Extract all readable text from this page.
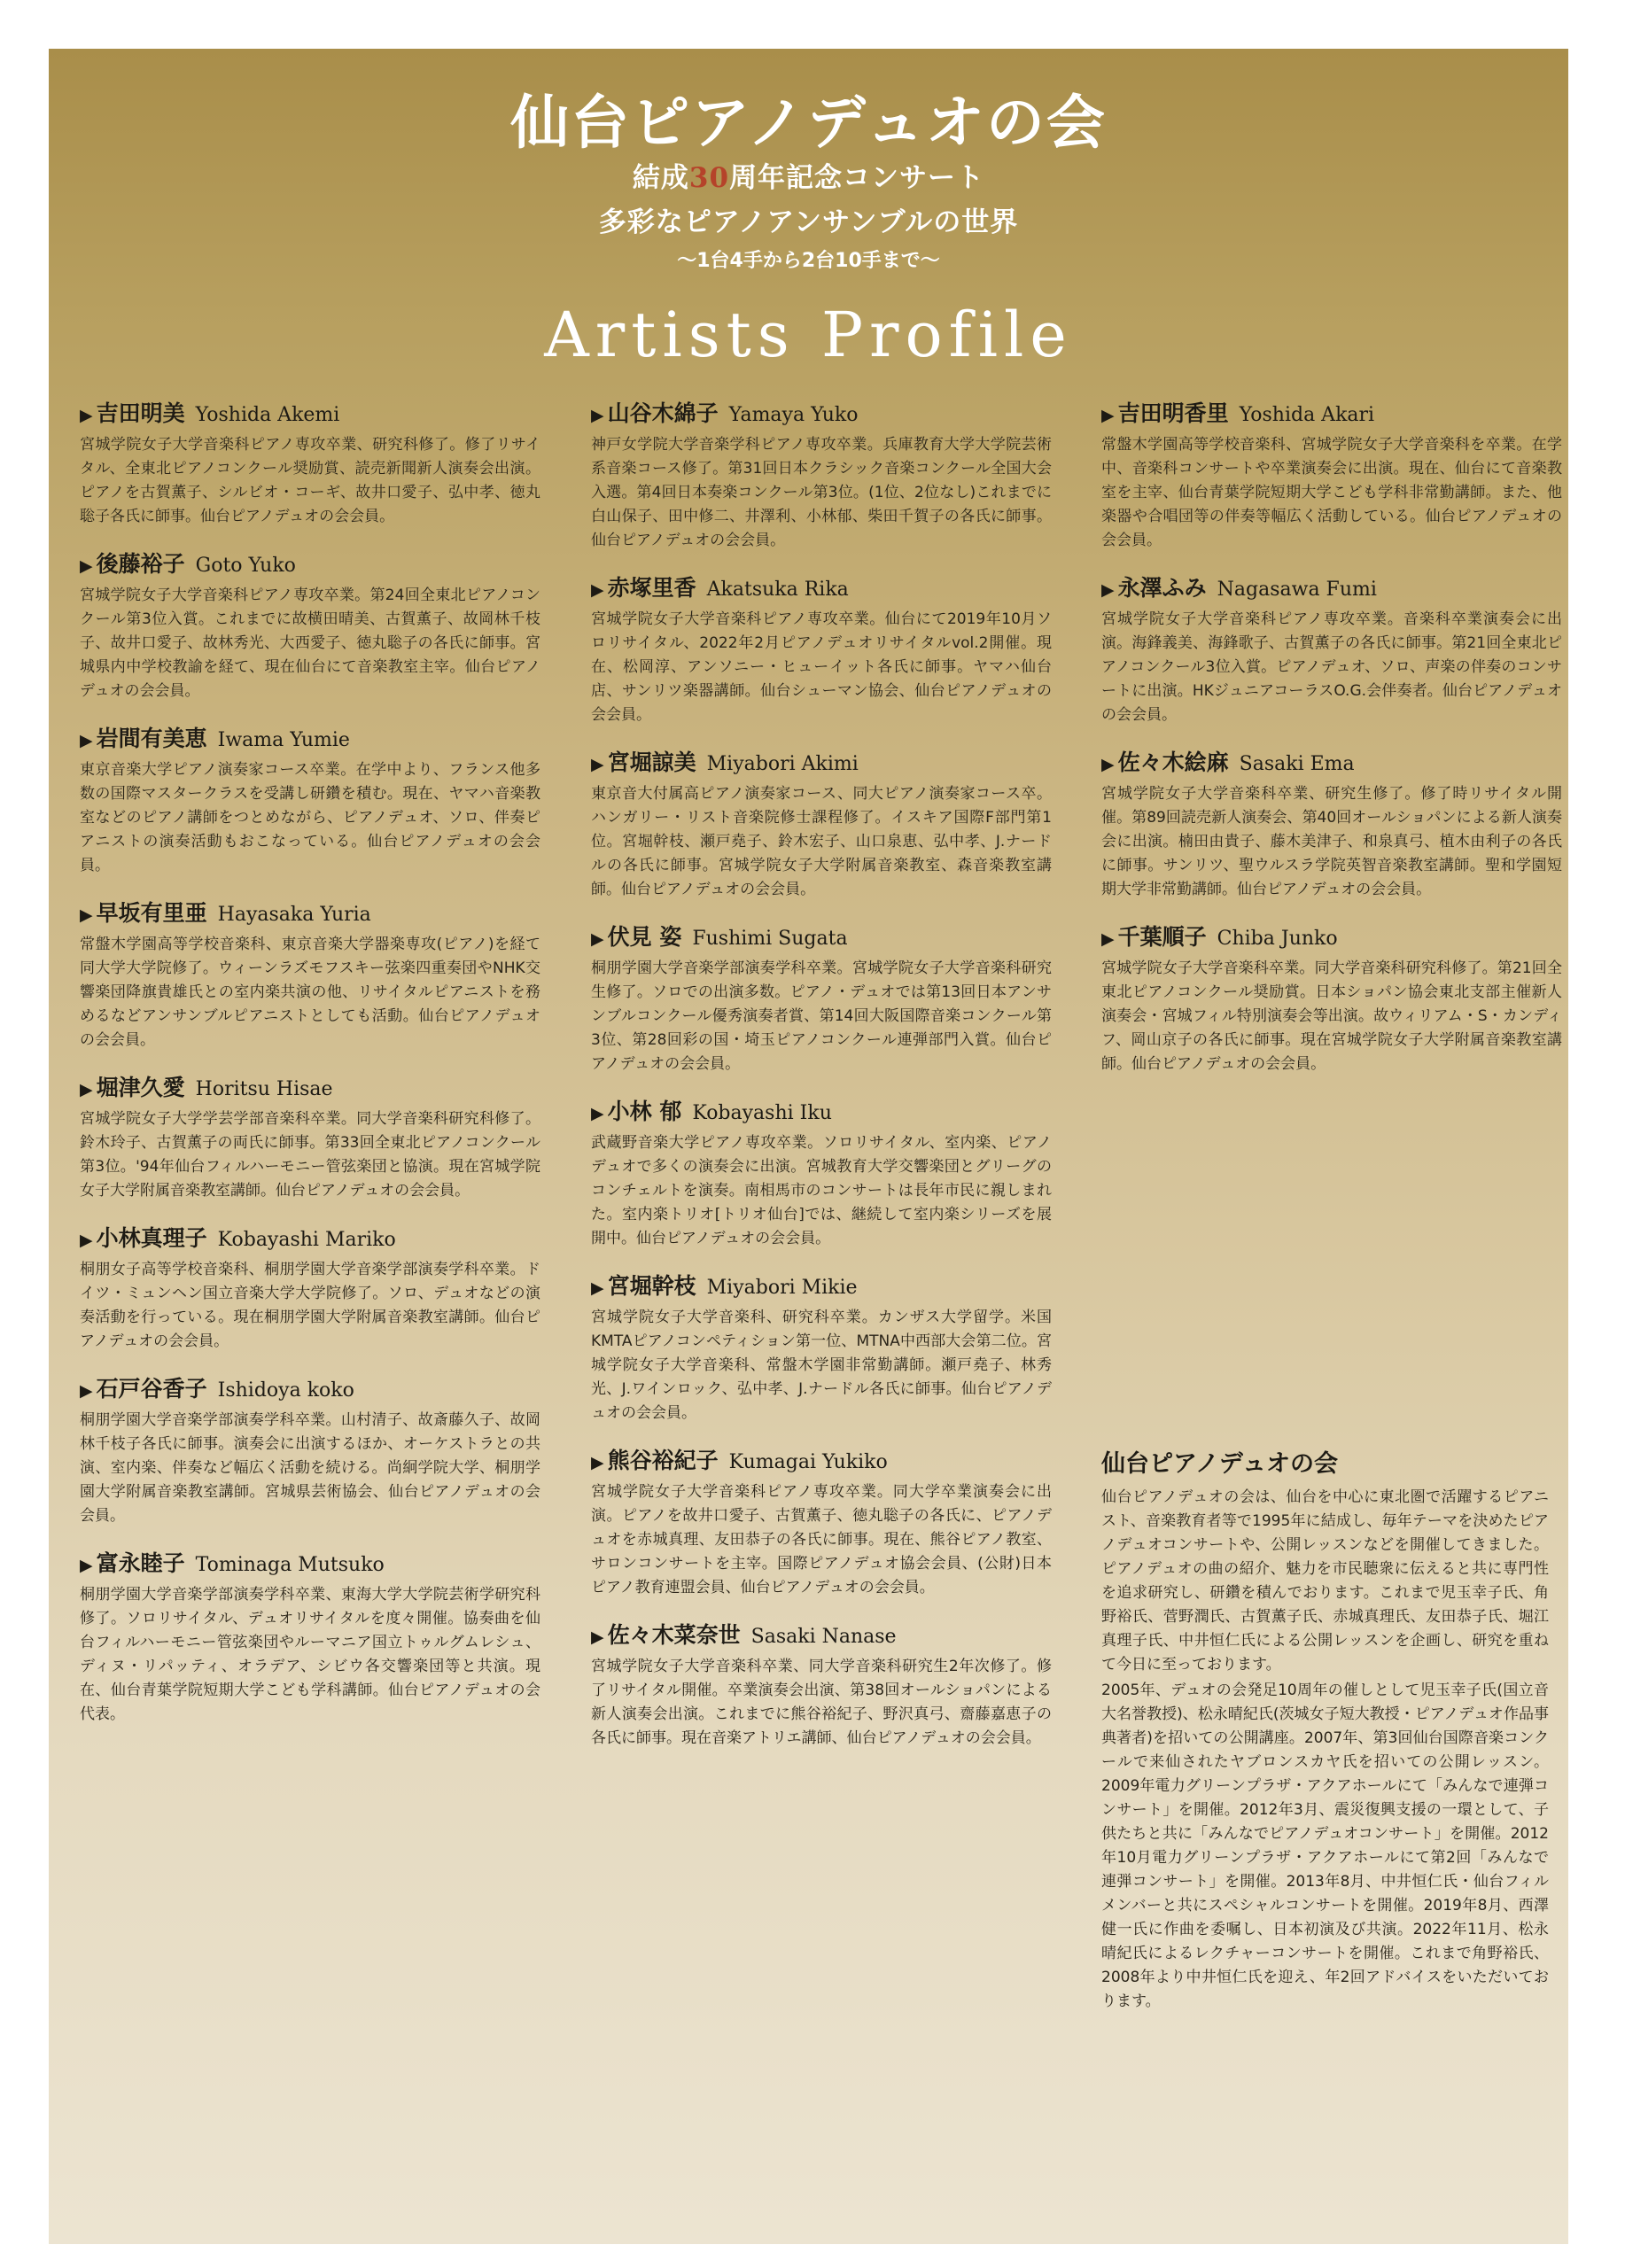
仙台ピアノデュオの会
結成30周年記念コンサート
多彩なピアノアンサンブルの世界
〜1台4手から2台10手まで〜
Artists Profile
▶ 吉田明美 Yoshida Akemi
宮城学院女子大学音楽科ピアノ専攻卒業、研究科修了。修了リサイタル、全東北ピアノコンクール奨励賞、読売新聞新人演奏会出演。ピアノを古賀薫子、シルビオ・コーギ、故井口愛子、弘中孝、徳丸聡子各氏に師事。仙台ピアノデュオの会会員。
▶ 後藤裕子 Goto Yuko
宮城学院女子大学音楽科ピアノ専攻卒業。第24回全東北ピアノコンクール第3位入賞。これまでに故横田晴美、古賀薫子、故岡林千枝子、故井口愛子、故林秀光、大西愛子、徳丸聡子の各氏に師事。宮城県内中学校教諭を経て、現在仙台にて音楽教室主宰。仙台ピアノデュオの会会員。
▶ 岩間有美恵 Iwama Yumie
東京音楽大学ピアノ演奏家コース卒業。在学中より、フランス他多数の国際マスタークラスを受講し研鑽を積む。現在、ヤマハ音楽教室などのピアノ講師をつとめながら、ピアノデュオ、ソロ、伴奏ピアニストの演奏活動もおこなっている。仙台ピアノデュオの会会員。
▶ 早坂有里亜 Hayasaka Yuria
常盤木学園高等学校音楽科、東京音楽大学器楽専攻(ピアノ)を経て同大学大学院修了。ウィーンラズモフスキー弦楽四重奏団やNHK交響楽団降旗貴雄氏との室内楽共演の他、リサイタルピアニストを務めるなどアンサンブルピアニストとしても活動。仙台ピアノデュオの会会員。
▶ 堀津久愛 Horitsu Hisae
宮城学院女子大学学芸学部音楽科卒業。同大学音楽科研究科修了。鈴木玲子、古賀薫子の両氏に師事。第33回全東北ピアノコンクール第3位。'94年仙台フィルハーモニー管弦楽団と協演。現在宮城学院女子大学附属音楽教室講師。仙台ピアノデュオの会会員。
▶ 小林真理子 Kobayashi Mariko
桐朋女子高等学校音楽科、桐朋学園大学音楽学部演奏学科卒業。ドイツ・ミュンヘン国立音楽大学大学院修了。ソロ、デュオなどの演奏活動を行っている。現在桐朋学園大学附属音楽教室講師。仙台ピアノデュオの会会員。
▶ 石戸谷香子 Ishidoya koko
桐朋学園大学音楽学部演奏学科卒業。山村清子、故斎藤久子、故岡林千枝子各氏に師事。演奏会に出演するほか、オーケストラとの共演、室内楽、伴奏など幅広く活動を続ける。尚絅学院大学、桐朋学園大学附属音楽教室講師。宮城県芸術協会、仙台ピアノデュオの会会員。
▶ 富永睦子 Tominaga Mutsuko
桐朋学園大学音楽学部演奏学科卒業、東海大学大学院芸術学研究科修了。ソロリサイタル、デュオリサイタルを度々開催。協奏曲を仙台フィルハーモニー管弦楽団やルーマニア国立トゥルグムレシュ、ディヌ・リパッティ、オラデア、シビウ各交響楽団等と共演。現在、仙台青葉学院短期大学こども学科講師。仙台ピアノデュオの会代表。
▶ 山谷木綿子 Yamaya Yuko
神戸女学院大学音楽学科ピアノ専攻卒業。兵庫教育大学大学院芸術系音楽コース修了。第31回日本クラシック音楽コンクール全国大会入選。第4回日本奏楽コンクール第3位。(1位、2位なし)これまでに白山保子、田中修二、井澤利、小林郁、柴田千賀子の各氏に師事。仙台ピアノデュオの会会員。
▶ 赤塚里香 Akatsuka Rika
宮城学院女子大学音楽科ピアノ専攻卒業。仙台にて2019年10月ソロリサイタル、2022年2月ピアノデュオリサイタルvol.2開催。現在、松岡淳、アンソニー・ヒューイット各氏に師事。ヤマハ仙台店、サンリツ楽器講師。仙台シューマン協会、仙台ピアノデュオの会会員。
▶ 宮堀諒美 Miyabori Akimi
東京音大付属高ピアノ演奏家コース、同大ピアノ演奏家コース卒。ハンガリー・リスト音楽院修士課程修了。イスキア国際F部門第1位。宮堀幹枝、瀬戸堯子、鈴木宏子、山口泉恵、弘中孝、J.ナードルの各氏に師事。宮城学院女子大学附属音楽教室、森音楽教室講師。仙台ピアノデュオの会会員。
▶ 伏見 姿 Fushimi Sugata
桐朋学園大学音楽学部演奏学科卒業。宮城学院女子大学音楽科研究生修了。ソロでの出演多数。ピアノ・デュオでは第13回日本アンサンブルコンクール優秀演奏者賞、第14回大阪国際音楽コンクール第3位、第28回彩の国・埼玉ピアノコンクール連弾部門入賞。仙台ピアノデュオの会会員。
▶ 小林 郁 Kobayashi Iku
武蔵野音楽大学ピアノ専攻卒業。ソロリサイタル、室内楽、ピアノデュオで多くの演奏会に出演。宮城教育大学交響楽団とグリーグのコンチェルトを演奏。南相馬市のコンサートは長年市民に親しまれた。室内楽トリオ[トリオ仙台]では、継続して室内楽シリーズを展開中。仙台ピアノデュオの会会員。
▶ 宮堀幹枝 Miyabori Mikie
宮城学院女子大学音楽科、研究科卒業。カンザス大学留学。米国KMTAピアノコンペティション第一位、MTNA中西部大会第二位。宮城学院女子大学音楽科、常盤木学園非常勤講師。瀬戸堯子、林秀光、J.ワインロック、弘中孝、J.ナードル各氏に師事。仙台ピアノデュオの会会員。
▶ 熊谷裕紀子 Kumagai Yukiko
宮城学院女子大学音楽科ピアノ専攻卒業。同大学卒業演奏会に出演。ピアノを故井口愛子、古賀薫子、徳丸聡子の各氏に、ピアノデュオを赤城真理、友田恭子の各氏に師事。現在、熊谷ピアノ教室、サロンコンサートを主宰。国際ピアノデュオ協会会員、(公財)日本ピアノ教育連盟会員、仙台ピアノデュオの会会員。
▶ 佐々木菜奈世 Sasaki Nanase
宮城学院女子大学音楽科卒業、同大学音楽科研究生2年次修了。修了リサイタル開催。卒業演奏会出演、第38回オールショパンによる新人演奏会出演。これまでに熊谷裕紀子、野沢真弓、齋藤嘉恵子の各氏に師事。現在音楽アトリエ講師、仙台ピアノデュオの会会員。
▶ 吉田明香里 Yoshida Akari
常盤木学園高等学校音楽科、宮城学院女子大学音楽科を卒業。在学中、音楽科コンサートや卒業演奏会に出演。現在、仙台にて音楽教室を主宰、仙台青葉学院短期大学こども学科非常勤講師。また、他楽器や合唱団等の伴奏等幅広く活動している。仙台ピアノデュオの会会員。
▶ 永澤ふみ Nagasawa Fumi
宮城学院女子大学音楽科ピアノ専攻卒業。音楽科卒業演奏会に出演。海鋒義美、海鋒歌子、古賀薫子の各氏に師事。第21回全東北ピアノコンクール3位入賞。ピアノデュオ、ソロ、声楽の伴奏のコンサートに出演。HKジュニアコーラスO.G.会伴奏者。仙台ピアノデュオの会会員。
▶ 佐々木絵麻 Sasaki Ema
宮城学院女子大学音楽科卒業、研究生修了。修了時リサイタル開催。第89回読売新人演奏会、第40回オールショパンによる新人演奏会に出演。楠田由貴子、藤木美津子、和泉真弓、植木由利子の各氏に師事。サンリツ、聖ウルスラ学院英智音楽教室講師。聖和学園短期大学非常勤講師。仙台ピアノデュオの会会員。
▶ 千葉順子 Chiba Junko
宮城学院女子大学音楽科卒業。同大学音楽科研究科修了。第21回全東北ピアノコンクール奨励賞。日本ショパン協会東北支部主催新人演奏会・宮城フィル特別演奏会等出演。故ウィリアム・S・カンディフ、岡山京子の各氏に師事。現在宮城学院女子大学附属音楽教室講師。仙台ピアノデュオの会会員。
仙台ピアノデュオの会

仙台ピアノデュオの会は、仙台を中心に東北圏で活躍するピアニスト、音楽教育者等で1995年に結成し、毎年テーマを決めたピアノデュオコンサートや、公開レッスンなどを開催してきました。ピアノデュオの曲の紹介、魅力を市民聴衆に伝えると共に専門性を追求研究し、研鑽を積んでおります。これまで児玉幸子氏、角野裕氏、菅野潤氏、古賀薫子氏、赤城真理氏、友田恭子氏、堀江真理子氏、中井恒仁氏による公開レッスンを企画し、研究を重ねて今日に至っております。

2005年、デュオの会発足10周年の催しとして児玉幸子氏(国立音大名誉教授)、松永晴紀氏(茨城女子短大教授・ピアノデュオ作品事典著者)を招いての公開講座。2007年、第3回仙台国際音楽コンクールで来仙されたヤブロンスカヤ氏を招いての公開レッスン。2009年電力グリーンプラザ・アクアホールにて「みんなで連弾コンサート」を開催。2012年3月、震災復興支援の一環として、子供たちと共に「みんなでピアノデュオコンサート」を開催。2012年10月電力グリーンプラザ・アクアホールにて第2回「みんなで連弾コンサート」を開催。2013年8月、中井恒仁氏・仙台フィルメンバーと共にスペシャルコンサートを開催。2019年8月、西澤健一氏に作曲を委嘱し、日本初演及び共演。2022年11月、松永晴紀氏によるレクチャーコンサートを開催。これまで角野裕氏、2008年より中井恒仁氏を迎え、年2回アドバイスをいただいております。
